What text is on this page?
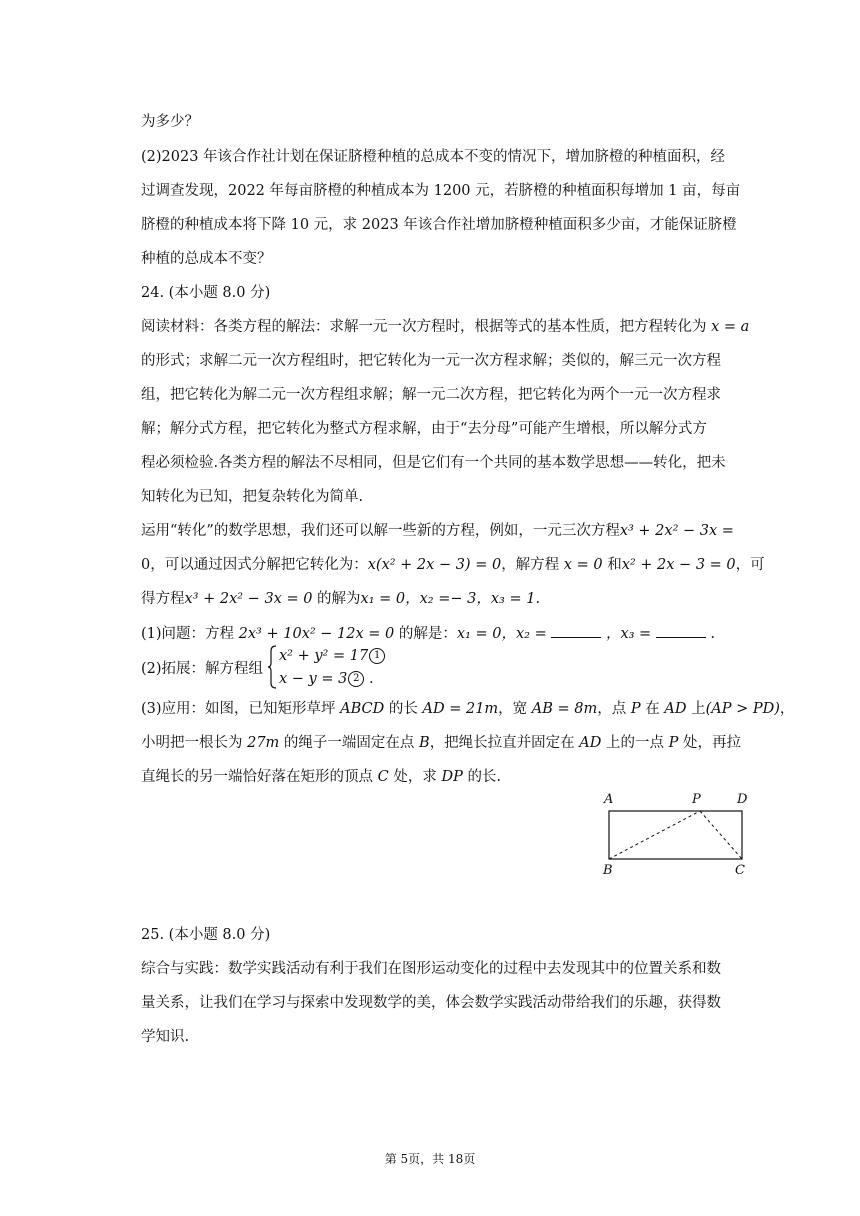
为多少？
(2)2023 年该合作社计划在保证脐橙种植的总成本不变的情况下，增加脐橙的种植面积，经
过调查发现，2022 年每亩脐橙的种植成本为 1200 元，若脐橙的种植面积每增加 1 亩，每亩
脐橙的种植成本将下降 10 元，求 2023 年该合作社增加脐橙种植面积多少亩，才能保证脐橙
种植的总成本不变？
24. (本小题 8.0 分)
阅读材料：各类方程的解法：求解一元一次方程时，根据等式的基本性质，把方程转化为 x = a
的形式；求解二元一次方程组时，把它转化为一元一次方程求解；类似的，解三元一次方程
组，把它转化为解二元一次方程组求解；解一元二次方程，把它转化为两个一元一次方程求
解；解分式方程，把它转化为整式方程求解，由于“去分母”可能产生增根，所以解分式方
程必须检验.各类方程的解法不尽相同，但是它们有一个共同的基本数学思想——转化，把未
知转化为已知，把复杂转化为简单.
运用“转化”的数学思想，我们还可以解一些新的方程，例如，一元三次方程x³ + 2x² − 3x =
0，可以通过因式分解把它转化为：x(x² + 2x − 3) = 0，解方程 x = 0 和x² + 2x − 3 = 0，可
得方程x³ + 2x² − 3x = 0 的解为x₁ = 0，x₂ =− 3，x₃ = 1.
(1)问题：方程 2x³ + 10x² − 12x = 0 的解是：x₁ = 0，x₂ =	，x₃ =	.
(2)拓展：解方程组
x² + y² = 17 1
x − y = 3 2 .
(3)应用：如图，已知矩形草坪 ABCD 的长 AD = 21m，宽 AB = 8m，点 P 在 AD 上(AP > PD)，
小明把一根长为 27m 的绳子一端固定在点 B，把绳长拉直并固定在 AD 上的一点 P 处，再拉
直绳长的另一端恰好落在矩形的顶点 C 处，求 DP 的长.
A	P	D
B	C
25. (本小题 8.0 分)
综合与实践：数学实践活动有利于我们在图形运动变化的过程中去发现其中的位置关系和数
量关系，让我们在学习与探索中发现数学的美，体会数学实践活动带给我们的乐趣，获得数
学知识.
第 5页，共 18页
